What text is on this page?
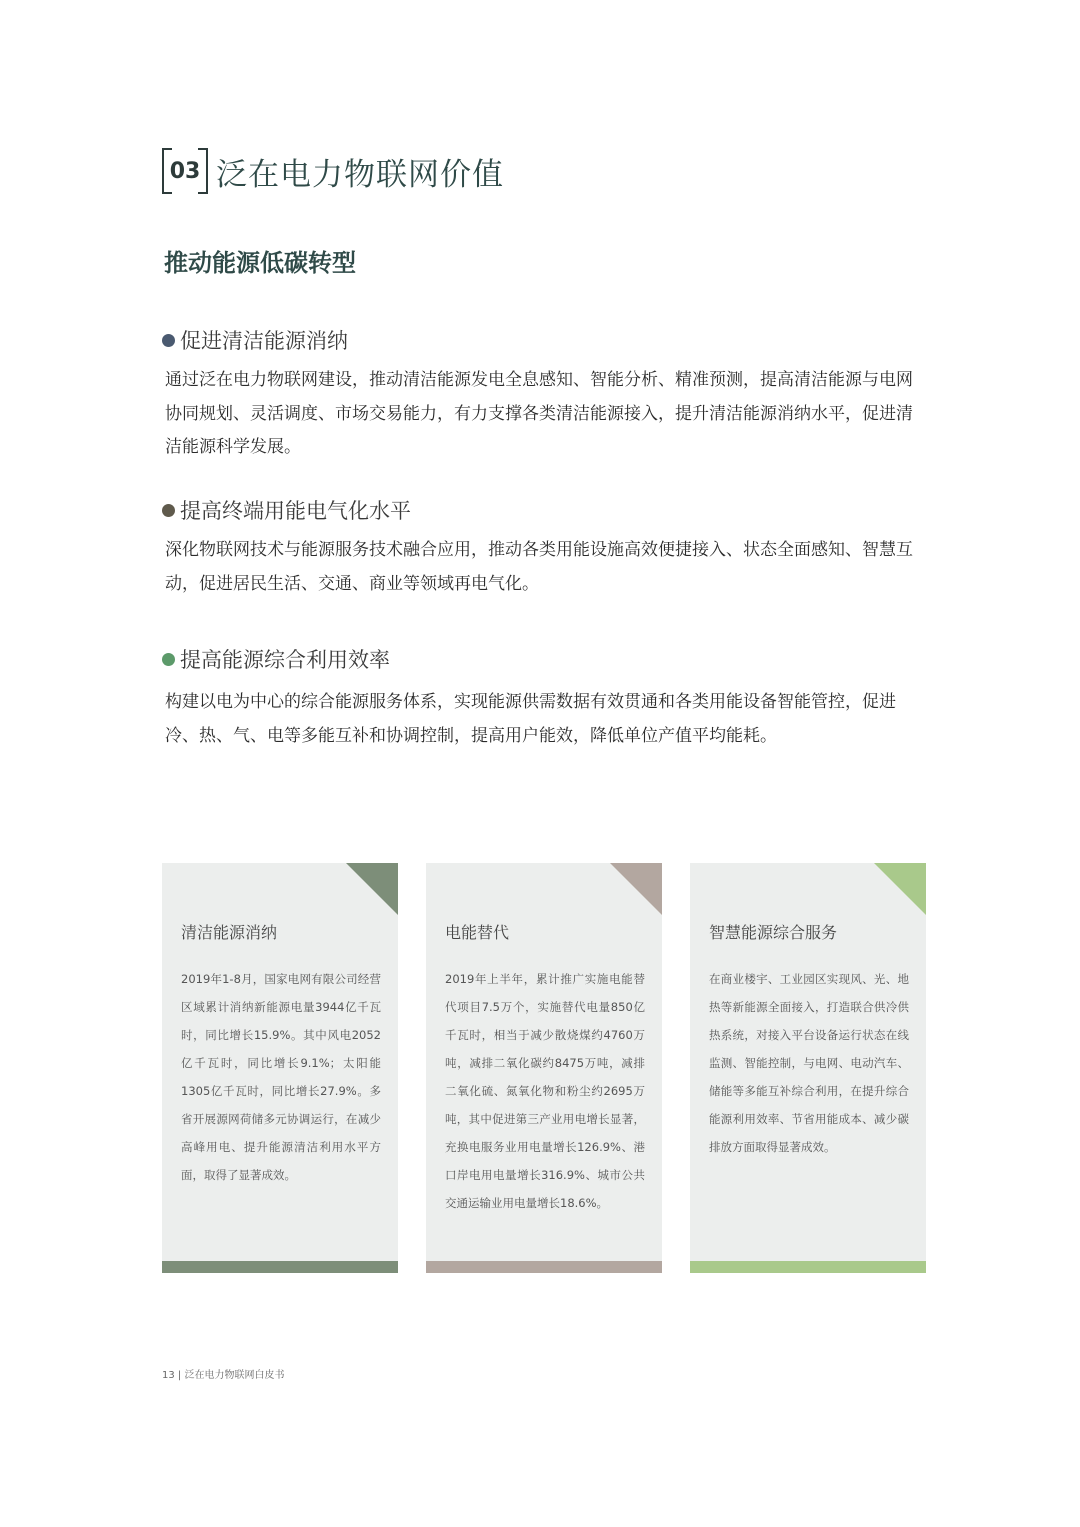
03 泛在电力物联网价值
推动能源低碳转型
促进清洁能源消纳
通过泛在电力物联网建设，推动清洁能源发电全息感知、智能分析、精准预测，提高清洁能源与电网协同规划、灵活调度、市场交易能力，有力支撑各类清洁能源接入，提升清洁能源消纳水平，促进清洁能源科学发展。
提高终端用能电气化水平
深化物联网技术与能源服务技术融合应用，推动各类用能设施高效便捷接入、状态全面感知、智慧互动，促进居民生活、交通、商业等领域再电气化。
提高能源综合利用效率
构建以电为中心的综合能源服务体系，实现能源供需数据有效贯通和各类用能设备智能管控，促进冷、热、气、电等多能互补和协调控制，提高用户能效，降低单位产值平均能耗。
清洁能源消纳
2019年1-8月，国家电网有限公司经营区域累计消纳新能源电量3944亿千瓦时，同比增长15.9%。其中风电2052亿千瓦时，同比增长9.1%；太阳能1305亿千瓦时，同比增长27.9%。多省开展源网荷储多元协调运行，在减少高峰用电、提升能源清洁利用水平方面，取得了显著成效。
电能替代
2019年上半年，累计推广实施电能替代项目7.5万个，实施替代电量850亿千瓦时，相当于减少散烧煤约4760万吨，减排二氧化碳约8475万吨，减排二氧化硫、氮氧化物和粉尘约2695万吨，其中促进第三产业用电增长显著，充换电服务业用电量增长126.9%、港口岸电用电量增长316.9%、城市公共交通运输业用电量增长18.6%。
智慧能源综合服务
在商业楼宇、工业园区实现风、光、地热等新能源全面接入，打造联合供冷供热系统，对接入平台设备运行状态在线监测、智能控制，与电网、电动汽车、储能等多能互补综合利用，在提升综合能源利用效率、节省用能成本、减少碳排放方面取得显著成效。
13 | 泛在电力物联网白皮书
